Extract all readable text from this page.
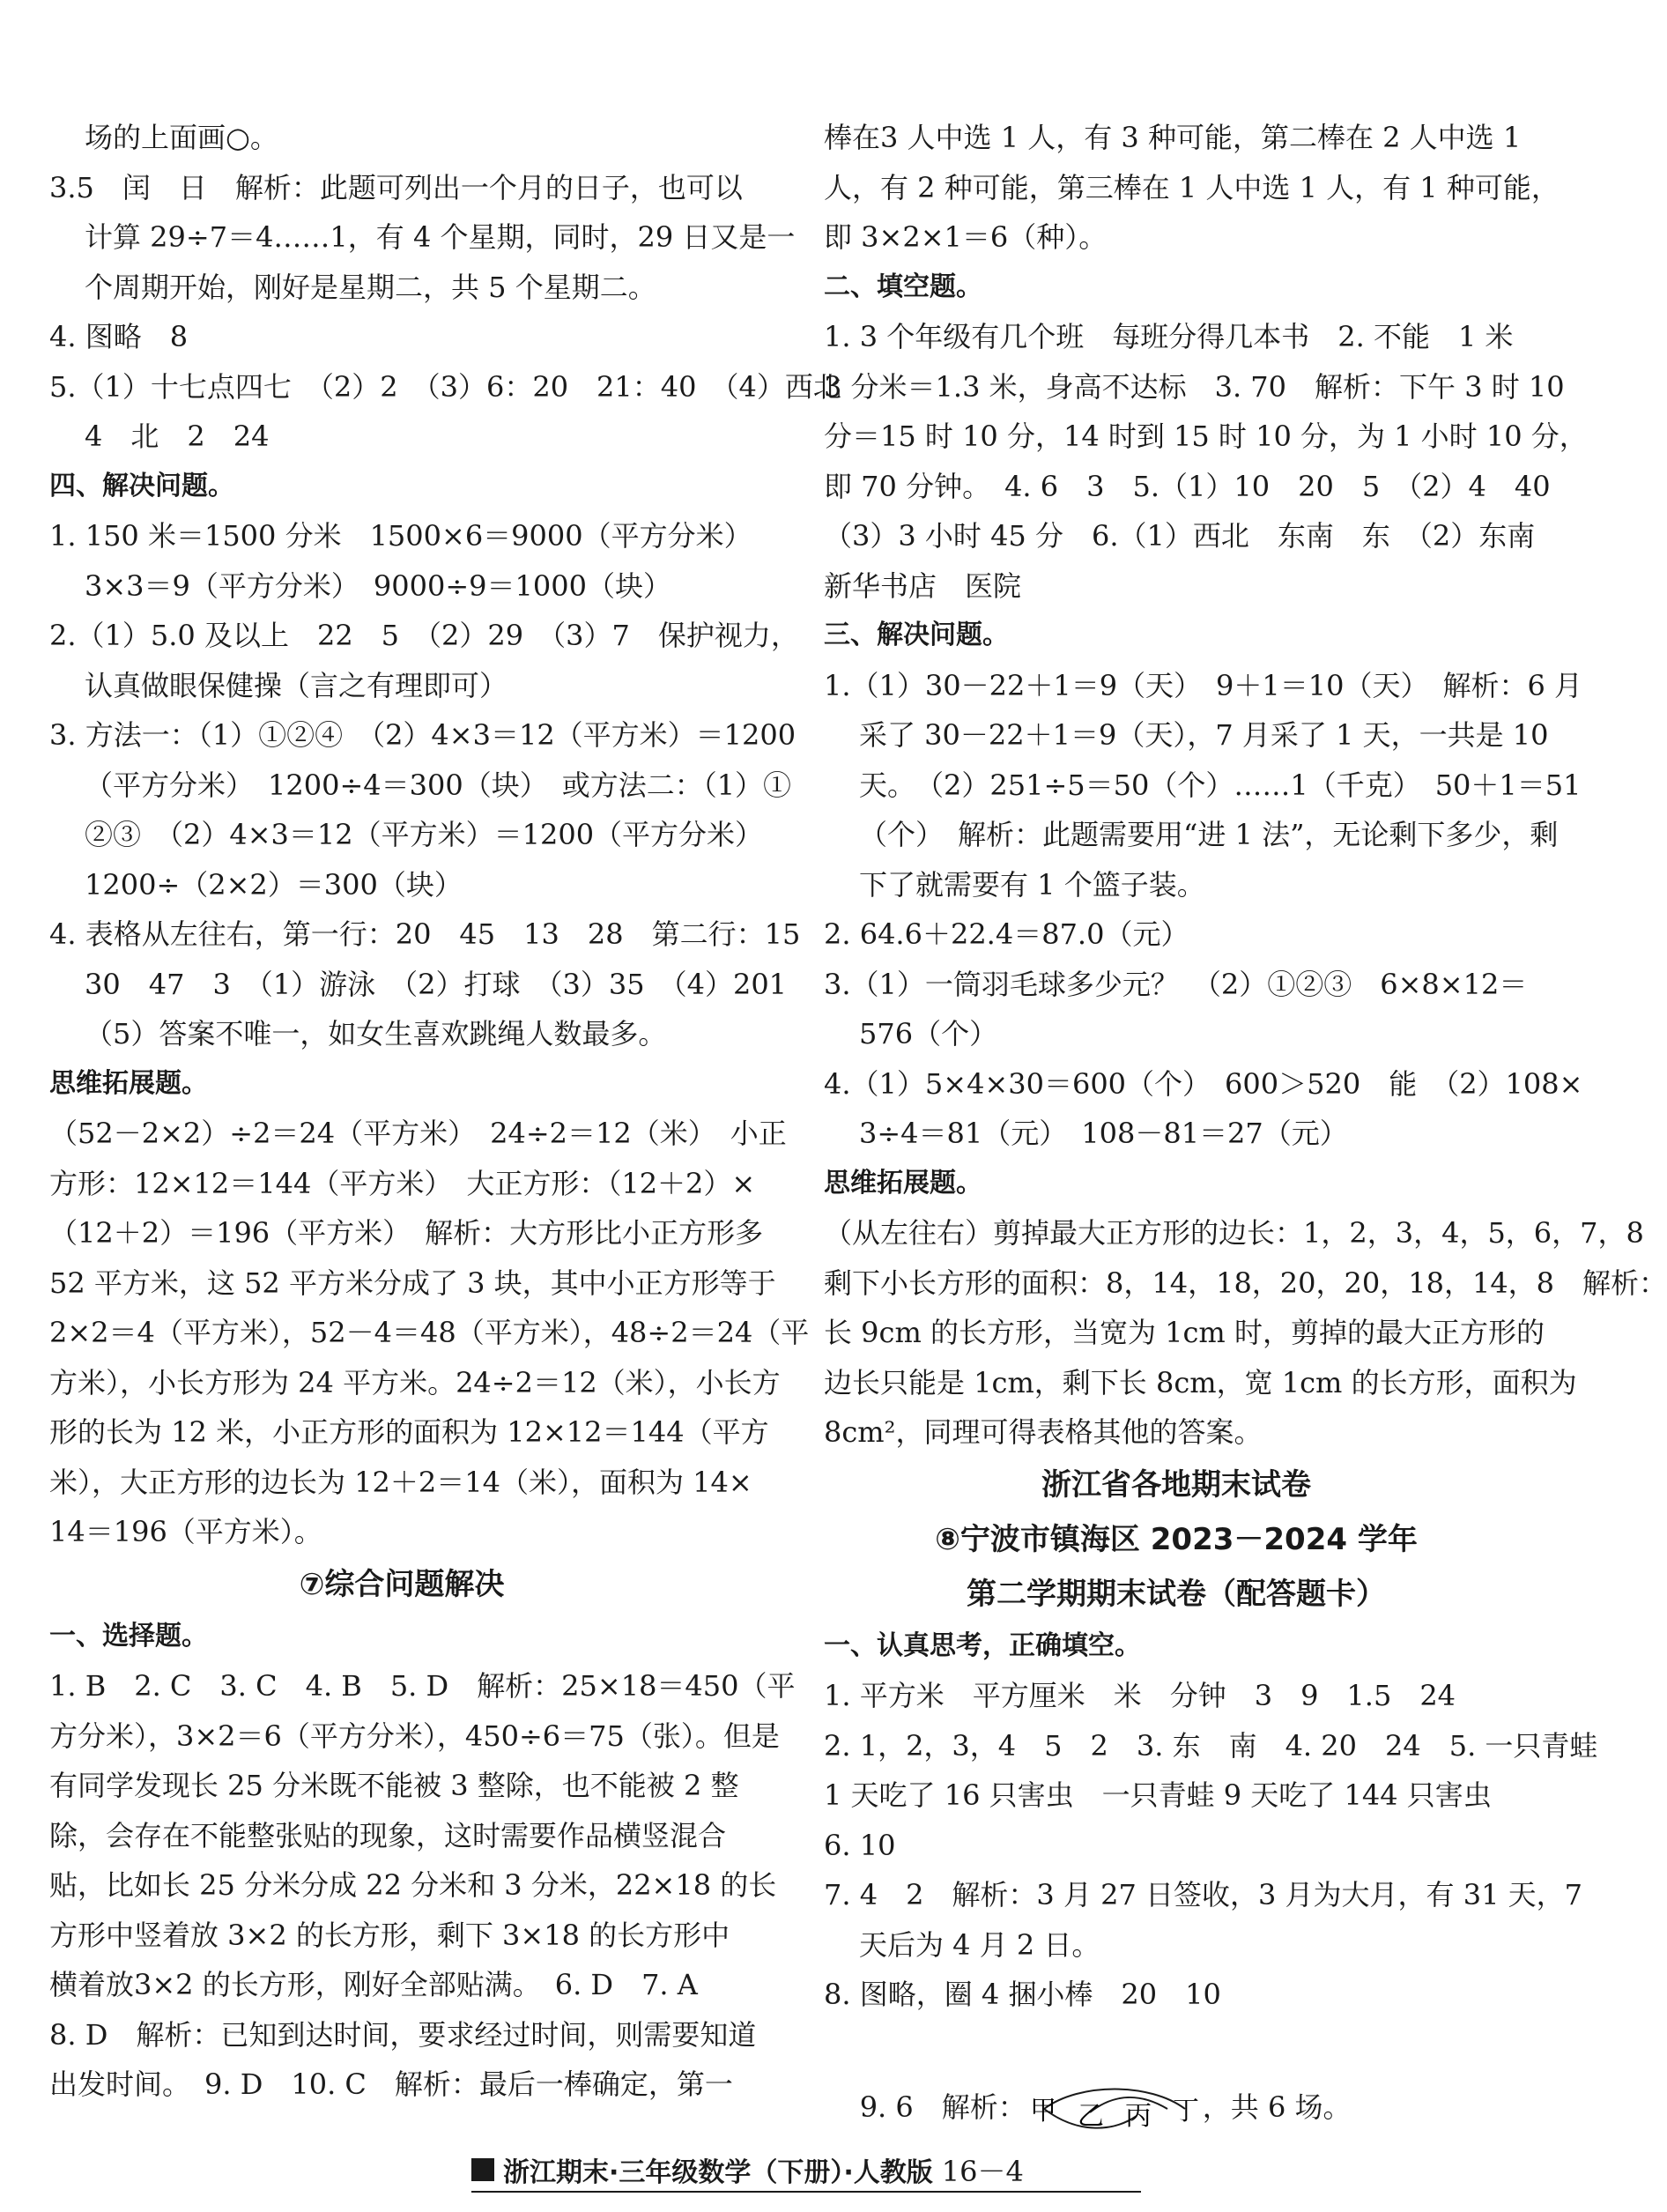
场的上面画○。
3.5　闰　日　解析：此题可列出一个月的日子，也可以
计算 29÷7＝4……1，有 4 个星期，同时，29 日又是一
个周期开始，刚好是星期二，共 5 个星期二。
4. 图略　8
5.（1）十七点四七　（2）2　（3）6：20　21：40　（4）西北
4　北　2　24
四、解决问题。
1. 150 米＝1500 分米　1500×6＝9000（平方分米）
3×3＝9（平方分米）　9000÷9＝1000（块）
2.（1）5.0 及以上　22　5　（2）29　（3）7　保护视力，
认真做眼保健操（言之有理即可）
3. 方法一：（1）①②④　（2）4×3＝12（平方米）＝1200
（平方分米）　1200÷4＝300（块）　或方法二：（1）①
②③　（2）4×3＝12（平方米）＝1200（平方分米）
1200÷（2×2）＝300（块）
4. 表格从左往右，第一行：20　45　13　28　第二行：15
30　47　3　（1）游泳　（2）打球　（3）35　（4）201
（5）答案不唯一，如女生喜欢跳绳人数最多。
思维拓展题。
（52－2×2）÷2＝24（平方米）　24÷2＝12（米）　小正
方形：12×12＝144（平方米）　大正方形：（12＋2）×
（12＋2）＝196（平方米）　解析：大方形比小正方形多
52 平方米，这 52 平方米分成了 3 块，其中小正方形等于
2×2＝4（平方米），52－4＝48（平方米），48÷2＝24（平
方米），小长方形为 24 平方米。24÷2＝12（米），小长方
形的长为 12 米，小正方形的面积为 12×12＝144（平方
米），大正方形的边长为 12＋2＝14（米），面积为 14×
14＝196（平方米）。
⑦综合问题解决
一、选择题。
1. B　2. C　3. C　4. B　5. D　解析：25×18＝450（平
方分米），3×2＝6（平方分米），450÷6＝75（张）。但是
有同学发现长 25 分米既不能被 3 整除，也不能被 2 整
除，会存在不能整张贴的现象，这时需要作品横竖混合
贴，比如长 25 分米分成 22 分米和 3 分米，22×18 的长
方形中竖着放 3×2 的长方形，剩下 3×18 的长方形中
横着放3×2 的长方形，刚好全部贴满。　6. D　7. A
8. D　解析：已知到达时间，要求经过时间，则需要知道
出发时间。　9. D　10. C　解析：最后一棒确定，第一
棒在3 人中选 1 人，有 3 种可能，第二棒在 2 人中选 1
人，有 2 种可能，第三棒在 1 人中选 1 人，有 1 种可能，
即 3×2×1＝6（种）。
二、填空题。
1. 3 个年级有几个班　每班分得几本书　2. 不能　1 米
3 分米＝1.3 米，身高不达标　3. 70　解析：下午 3 时 10
分＝15 时 10 分，14 时到 15 时 10 分，为 1 小时 10 分，
即 70 分钟。　4. 6　3　5.（1）10　20　5　（2）4　40
（3）3 小时 45 分　6.（1）西北　东南　东　（2）东南
新华书店　医院
三、解决问题。
1.（1）30－22＋1＝9（天）　9＋1＝10（天）　解析：6 月
采了 30－22＋1＝9（天），7 月采了 1 天，一共是 10
天。　（2）251÷5＝50（个）……1（千克）　50＋1＝51
（个）　解析：此题需要用“进 1 法”，无论剩下多少，剩
下了就需要有 1 个篮子装。
2. 64.6＋22.4＝87.0（元）
3.（1）一筒羽毛球多少元？　（2）①②③　6×8×12＝
576（个）
4.（1）5×4×30＝600（个）　600＞520　能　（2）108×
3÷4＝81（元）　108－81＝27（元）
思维拓展题。
（从左往右）剪掉最大正方形的边长：1，2，3，4，5，6，7，8
剩下小长方形的面积：8，14，18，20，20，18，14，8　解析：
长 9cm 的长方形，当宽为 1cm 时，剪掉的最大正方形的
边长只能是 1cm，剩下长 8cm，宽 1cm 的长方形，面积为
8cm²，同理可得表格其他的答案。
浙江省各地期末试卷
⑧宁波市镇海区 2023－2024 学年
第二学期期末试卷（配答题卡）
一、认真思考，正确填空。
1. 平方米　平方厘米　米　分钟　3　9　1.5　24
2. 1，2，3，4　5　2　3. 东　南　4. 20　24　5. 一只青蛙
1 天吃了 16 只害虫　一只青蛙 9 天吃了 144 只害虫
6. 10
7. 4　2　解析：3 月 27 日签收，3 月为大月，有 31 天，7
天后为 4 月 2 日。
8. 图略，圈 4 捆小棒　20　10

9. 6　解析： 甲 乙 丙 丁 ，共 6 场。

浙江期末·三年级数学（下册）·人教版 16－4
